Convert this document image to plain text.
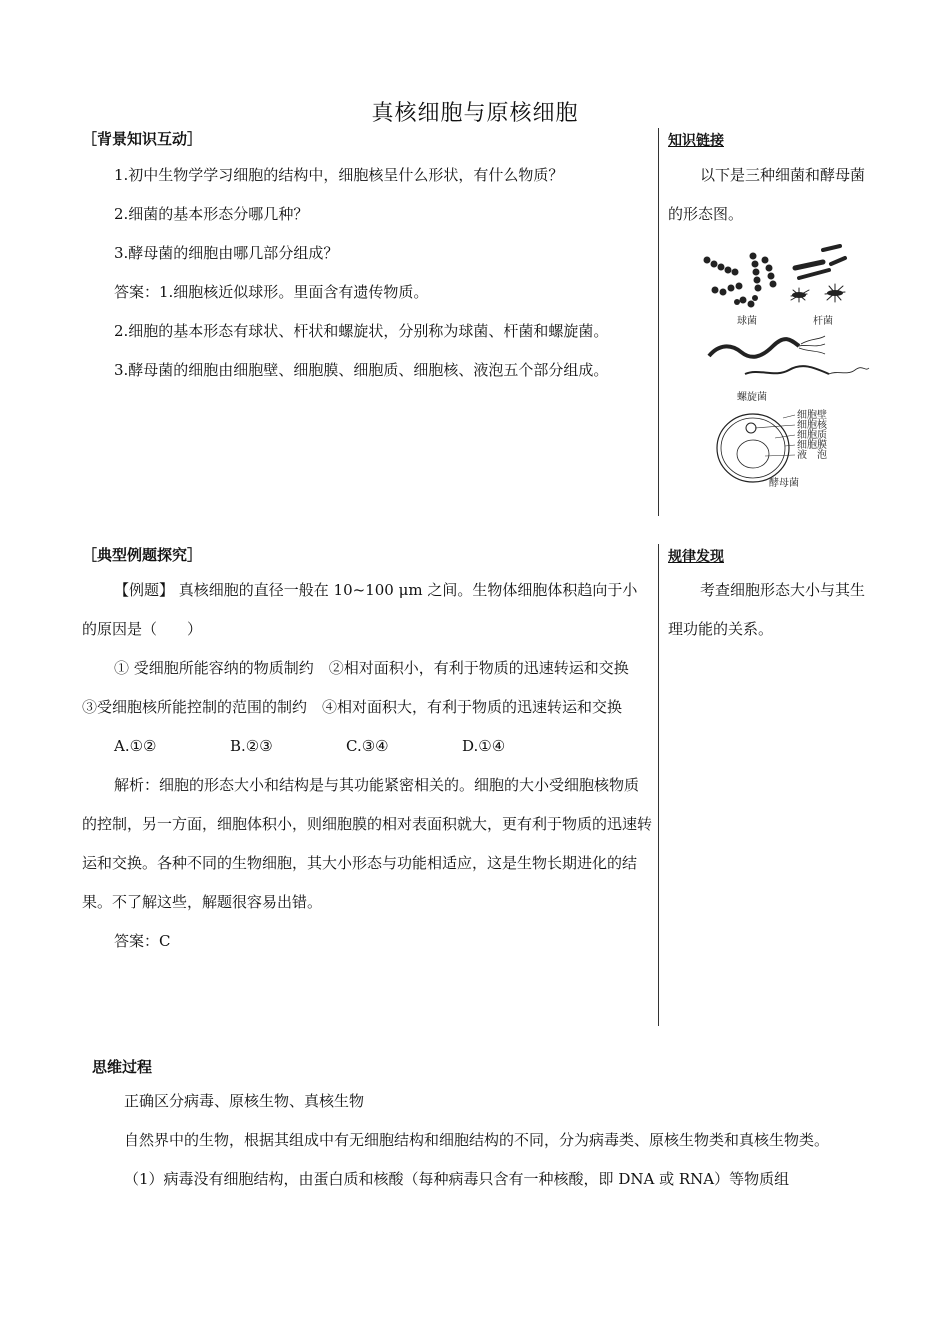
真核细胞与原核细胞
［背景知识互动］

1.初中生物学学习细胞的结构中，细胞核呈什么形状，有什么物质？

2.细菌的基本形态分哪几种？

3.酵母菌的细胞由哪几部分组成？

答案：1.细胞核近似球形。里面含有遗传物质。

2.细胞的基本形态有球状、杆状和螺旋状，分别称为球菌、杆菌和螺旋菌。

3.酵母菌的细胞由细胞壁、细胞膜、细胞质、细胞核、液泡五个部分组成。

知识链接
以下是三种细菌和酵母菌的形态图。
球菌	杆菌
螺旋菌
细胞壁
细胞核
细胞质
细胞膜
液　泡
酵母菌
［典型例题探究］

【例题】 真核细胞的直径一般在 10~100 μm 之间。生物体细胞体积趋向于小的原因是（　　）

① 受细胞所能容纳的物质制约　②相对面积小，有利于物质的迅速转运和交换　③受细胞核所能控制的范围的制约　④相对面积大，有利于物质的迅速转运和交换

A.①②	B.②③	C.③④	D.①④

解析：细胞的形态大小和结构是与其功能紧密相关的。细胞的大小受细胞核物质的控制，另一方面，细胞体积小，则细胞膜的相对表面积就大，更有利于物质的迅速转运和交换。各种不同的生物细胞，其大小形态与功能相适应，这是生物长期进化的结果。不了解这些，解题很容易出错。

答案：C

规律发现
考查细胞形态大小与其生理功能的关系。
思维过程

正确区分病毒、原核生物、真核生物

自然界中的生物，根据其组成中有无细胞结构和细胞结构的不同，分为病毒类、原核生物类和真核生物类。

（1）病毒没有细胞结构，由蛋白质和核酸（每种病毒只含有一种核酸，即 DNA 或 RNA）等物质组
